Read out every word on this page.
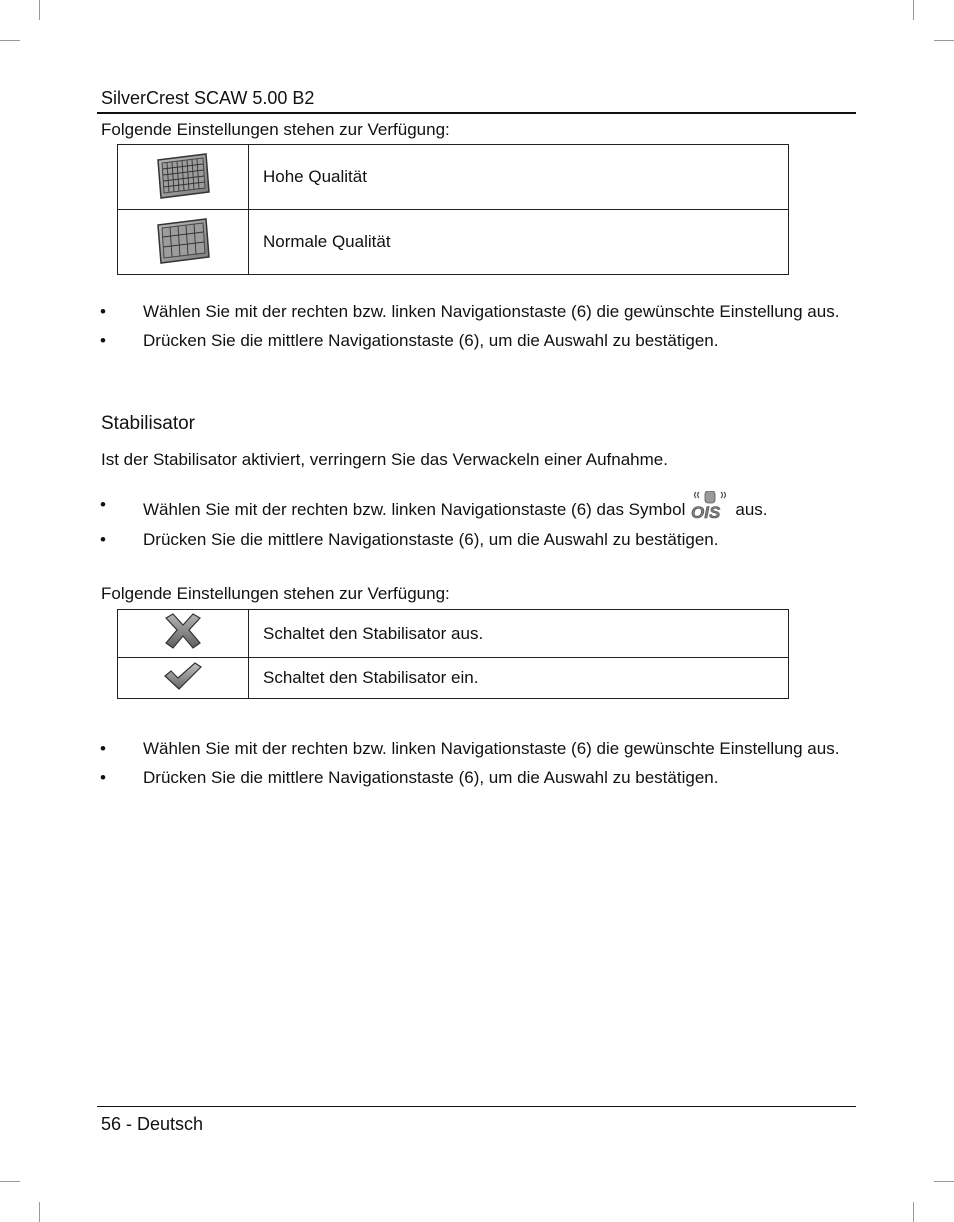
SilverCrest SCAW 5.00 B2
Folgende Einstellungen stehen zur Verfügung:
	Hohe Qualität
	Normale Qualität
• Wählen Sie mit der rechten bzw. linken Navigationstaste (6) die gewünschte Einstellung aus.
• Drücken Sie die mittlere Navigationstaste (6), um die Auswahl zu bestätigen.
Stabilisator
Ist der Stabilisator aktiviert, verringern Sie das Verwackeln einer Aufnahme.
• Wählen Sie mit der rechten bzw. linken Navigationstaste (6) das Symbol OIS aus.
• Drücken Sie die mittlere Navigationstaste (6), um die Auswahl zu bestätigen.
Folgende Einstellungen stehen zur Verfügung:
	Schaltet den Stabilisator aus.
	Schaltet den Stabilisator ein.
• Wählen Sie mit der rechten bzw. linken Navigationstaste (6) die gewünschte Einstellung aus.
• Drücken Sie die mittlere Navigationstaste (6), um die Auswahl zu bestätigen.
56 - Deutsch
